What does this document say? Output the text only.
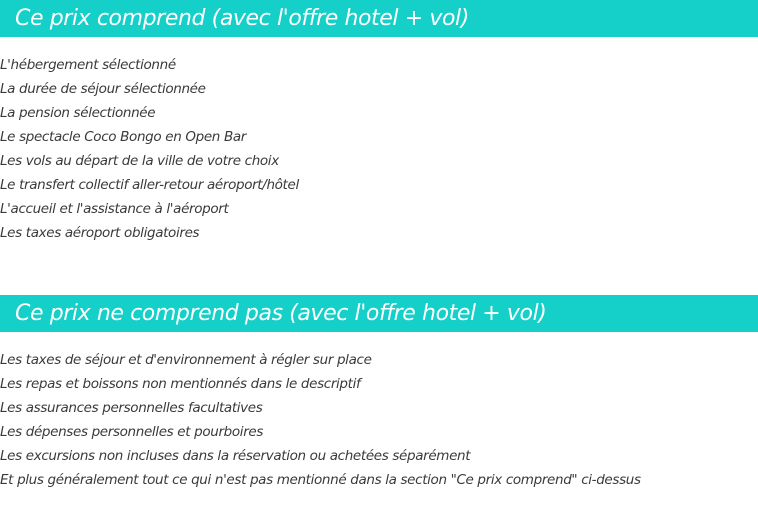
Ce prix comprend (avec l'offre hotel + vol)
L'hébergement sélectionné
La durée de séjour sélectionnée
La pension sélectionnée
Le spectacle Coco Bongo en Open Bar
Les vols au départ de la ville de votre choix
Le transfert collectif aller-retour aéroport/hôtel
L'accueil et l'assistance à l'aéroport
Les taxes aéroport obligatoires
Ce prix ne comprend pas (avec l'offre hotel + vol)
Les taxes de séjour et d'environnement à régler sur place
Les repas et boissons non mentionnés dans le descriptif
Les assurances personnelles facultatives
Les dépenses personnelles et pourboires
Les excursions non incluses dans la réservation ou achetées séparément
Et plus généralement tout ce qui n'est pas mentionné dans la section "Ce prix comprend" ci-dessus
